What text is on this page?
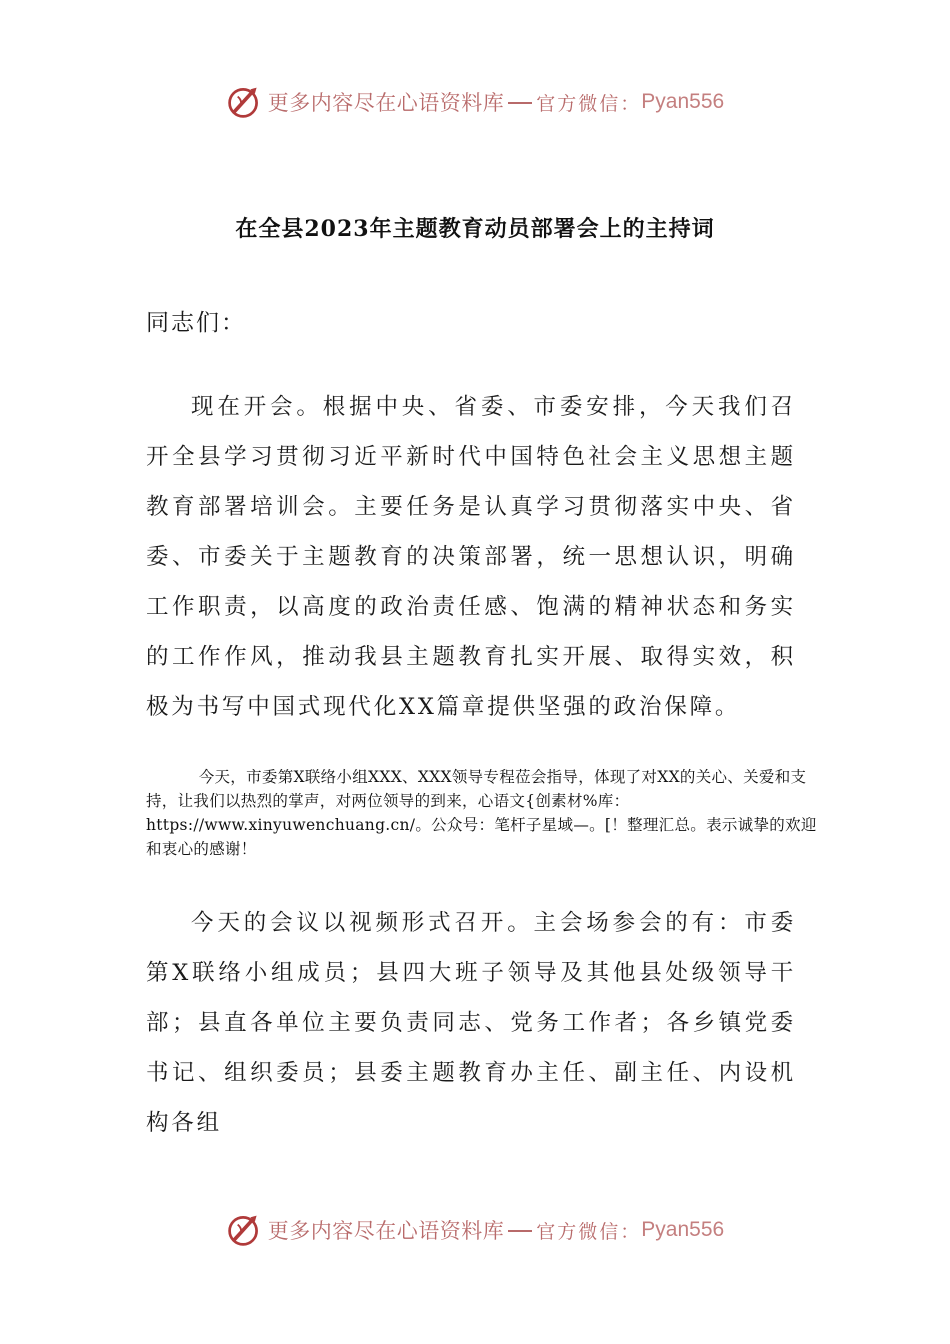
更多内容尽在心语资料库 官方微信： Pyan556
在全县2023年主题教育动员部署会上的主持词

同志们：

现在开会。根据中央、省委、市委安排，今天我们召开全县学习贯彻习近平新时代中国特色社会主义思想主题教育部署培训会。主要任务是认真学习贯彻落实中央、省委、市委关于主题教育的决策部署，统一思想认识，明确工作职责，以高度的政治责任感、饱满的精神状态和务实的工作作风，推动我县主题教育扎实开展、取得实效，积极为书写中国式现代化XX篇章提供坚强的政治保障。

今天，市委第X联络小组XXX、XXX领导专程莅会指导，体现了对XX的关心、关爱和支持，让我们以热烈的掌声，对两位领导的到来，心语文{创素材%库：https://www.xinyuwenchuang.cn/。公众号：笔杆子星域—。[！整理汇总。表示诚挚的欢迎和衷心的感谢！

今天的会议以视频形式召开。主会场参会的有：市委第X联络小组成员；县四大班子领导及其他县处级领导干部；县直各单位主要负责同志、党务工作者；各乡镇党委书记、组织委员；县委主题教育办主任、副主任、内设机构各组

更多内容尽在心语资料库 官方微信： Pyan556
